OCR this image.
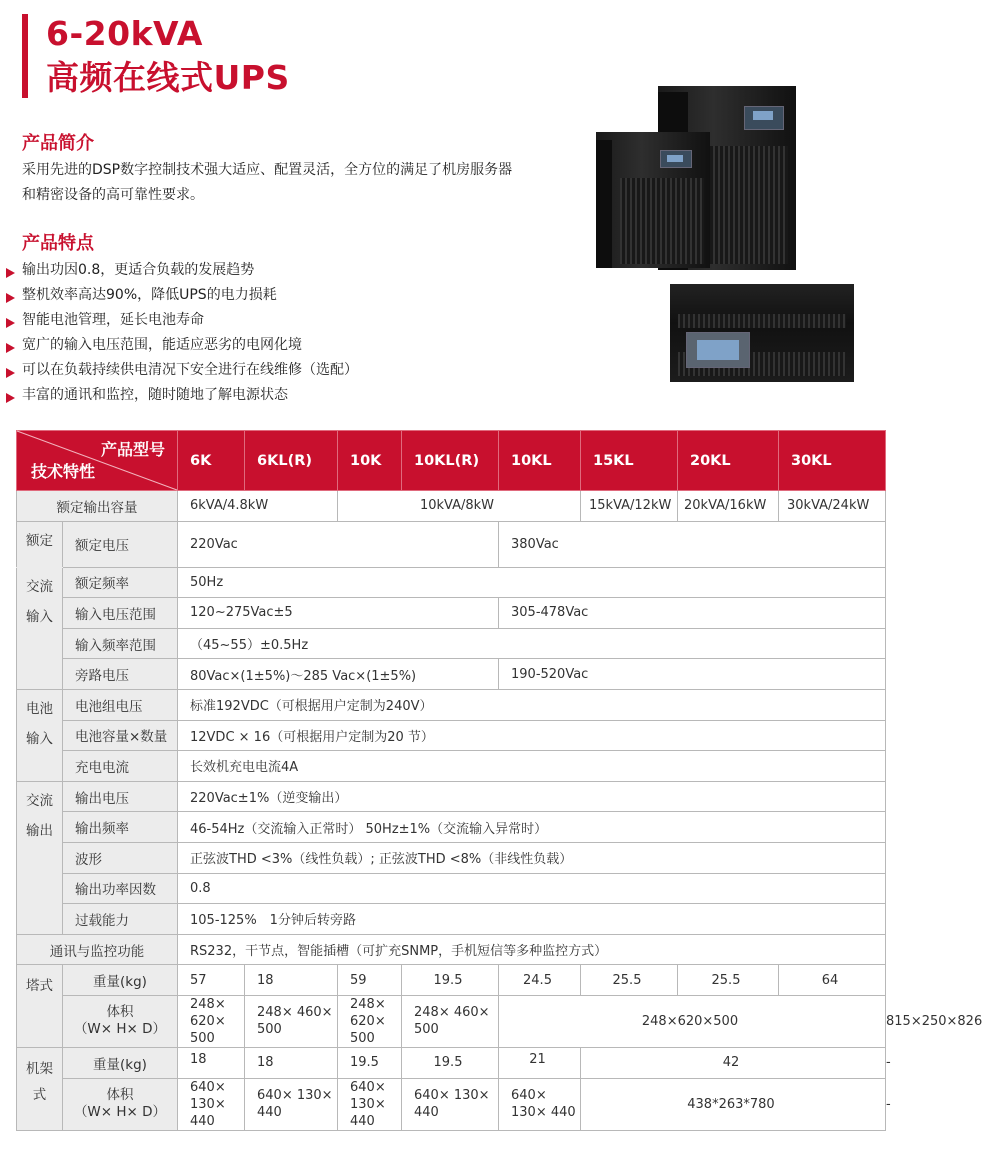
6-20kVA
高频在线式UPS
产品简介
采用先进的DSP数字控制技术强大适应、配置灵活，全方位的满足了机房服务器和精密设备的高可靠性要求。
产品特点
输出功因0.8，更适合负载的发展趋势
整机效率高达90%，降低UPS的电力损耗
智能电池管理，延长电池寿命
宽广的输入电压范围，能适应恶劣的电网化境
可以在负载持续供电清况下安全进行在线维修（选配）
丰富的通讯和监控，随时随地了解电源状态
产品型号
技术特性		6K	6KL(R)	10K	10KL(R)	10KL	15KL	20KL	30KL	
额定输出容量		6kVA/4.8kW		10kVA/8kW			15kVA/12kW	20kVA/16kW	30kVA/24kW	
额定	额定电压	220Vac				380Vac				
交流输入	额定频率	50Hz								
	输入电压范围	120~275Vac±5				305-478Vac				
	输入频率范围	（45~55）±0.5Hz								
	旁路电压	80Vac×(1±5%)～285 Vac×(1±5%)				190-520Vac				
电池输入	电池组电压	标准192VDC（可根据用户定制为240V）								
	电池容量×数量	12VDC × 16（可根据用户定制为20 节）								
	充电电流	长效机充电电流4A								
交流输出	输出电压	220Vac±1%（逆变输出）								
	输出频率	46-54Hz（交流输入正常时） 50Hz±1%（交流输入异常时）								
	波形	正弦波THD <3%（线性负载）; 正弦波THD <8%（非线性负载）								
	输出功率因数	0.8								
	过载能力	105-125%　1分钟后转旁路								
通讯与监控功能		RS232，干节点，智能插槽（可扩充SNMP，手机短信等多种监控方式）								
塔式	重量(kg)	57	18	59	19.5	24.5	25.5	25.5	64	

	体积
（W× H× D）	248× 620× 500	248× 460× 500	248× 620× 500	248× 460× 500	248×620×500				815×250×826
机架式	重量(kg)	18	18	19.5	19.5	21	42			-

	体积
（W× H× D）	640× 130× 440	640× 130× 440	640× 130× 440	640× 130× 440	640× 130× 440	438*263*780			-
